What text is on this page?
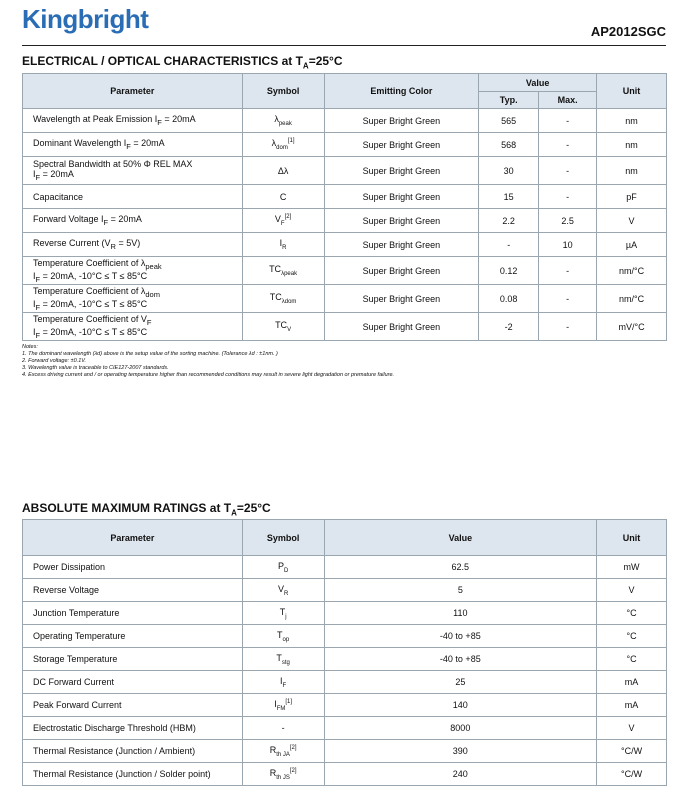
Kingbright	AP2012SGC
ELECTRICAL / OPTICAL CHARACTERISTICS at $T_A=25^\circ C$
Parameter	Symbol	Emitting Color	Value		Unit
			Typ.	Max.	
Wavelength at Peak Emission $I_F = 20mA$	$\lambda_{peak}$	Super Bright Green	565	-	nm
Dominant Wavelength $I_F = 20mA$	$\lambda_{dom}[1]$	Super Bright Green	568	-	nm
Spectral Bandwidth at 50% Φ REL MAX
$I_F = 20mA$	Δλ	Super Bright Green	30	-	nm
Capacitance	C	Super Bright Green	15	-	pF
Forward Voltage $I_F = 20mA$	$V_F[2]$	Super Bright Green	2.2	2.5	V
Reverse Current $(V_R = 5V)$	$I_R$	Super Bright Green	-	10	µA
Temperature Coefficient of $\lambda_{peak}$
$I_F = 20mA$, -10°C ≤ T ≤ 85°C	$TC_{\lambda peak}$	Super Bright Green	0.12	-	nm/°C
Temperature Coefficient of $\lambda_{dom}$
$I_F = 20mA$, -10°C ≤ T ≤ 85°C	$TC_{\lambda dom}$	Super Bright Green	0.08	-	nm/°C
Temperature Coefficient of $V_F$
$I_F = 20mA$, -10°C ≤ T ≤ 85°C	$TC_V$	Super Bright Green	-2	-	mV/°C
Notes:
1. The dominant wavelength (λd) above is the setup value of the sorting machine. (Tolerance λd : ±1nm. )
2. Forward voltage: ±0.1V.
3. Wavelength value is traceable to CIE127-2007 standards.
4. Excess driving current and / or operating temperature higher than recommended conditions may result in severe light degradation or premature failure.
ABSOLUTE MAXIMUM RATINGS at $T_A=25^\circ C$
Parameter	Symbol	Value	Unit
Power Dissipation	$P_D$	62.5	mW
Reverse Voltage	$V_R$	5	V
Junction Temperature	$T_j$	110	°C
Operating Temperature	$T_{op}$	-40 to +85	°C
Storage Temperature	$T_{stg}$	-40 to +85	°C
DC Forward Current	$I_F$	25	mA
Peak Forward Current	$I_{FM}[1]$	140	mA
Electrostatic Discharge Threshold (HBM)	-	8000	V
Thermal Resistance (Junction / Ambient)	$R_{th JA}[2]$	390	°C/W
Thermal Resistance (Junction / Solder point)	$R_{th JS}[2]$	240	°C/W
